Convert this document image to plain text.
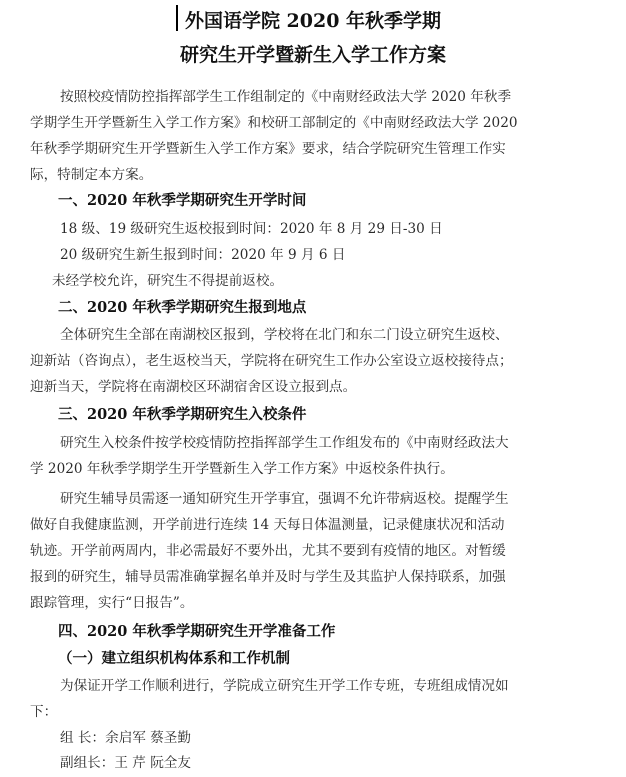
外国语学院 2020 年秋季学期
研究生开学暨新生入学工作方案
按照校疫情防控指挥部学生工作组制定的《中南财经政法大学 2020 年秋季
学期学生开学暨新生入学工作方案》和校研工部制定的《中南财经政法大学 2020
年秋季学期研究生开学暨新生入学工作方案》要求，结合学院研究生管理工作实
际，特制定本方案。
一、2020 年秋季学期研究生开学时间
18 级、19 级研究生返校报到时间：2020 年 8 月 29 日-30 日
20 级研究生新生报到时间：2020 年 9 月 6 日
未经学校允许，研究生不得提前返校。
二、2020 年秋季学期研究生报到地点
全体研究生全部在南湖校区报到，学校将在北门和东二门设立研究生返校、
迎新站（咨询点），老生返校当天，学院将在研究生工作办公室设立返校接待点；
迎新当天，学院将在南湖校区环湖宿舍区设立报到点。
三、2020 年秋季学期研究生入校条件
研究生入校条件按学校疫情防控指挥部学生工作组发布的《中南财经政法大
学 2020 年秋季学期学生开学暨新生入学工作方案》中返校条件执行。
研究生辅导员需逐一通知研究生开学事宜，强调不允许带病返校。提醒学生
做好自我健康监测，开学前进行连续 14 天每日体温测量，记录健康状况和活动
轨迹。开学前两周内，非必需最好不要外出，尤其不要到有疫情的地区。对暂缓
报到的研究生，辅导员需准确掌握名单并及时与学生及其监护人保持联系，加强
跟踪管理，实行“日报告”。
四、2020 年秋季学期研究生开学准备工作
（一）建立组织机构体系和工作机制
为保证开学工作顺利进行，学院成立研究生开学工作专班，专班组成情况如
下：
组 长：余启军 蔡圣勤
副组长：王 芹 阮全友
